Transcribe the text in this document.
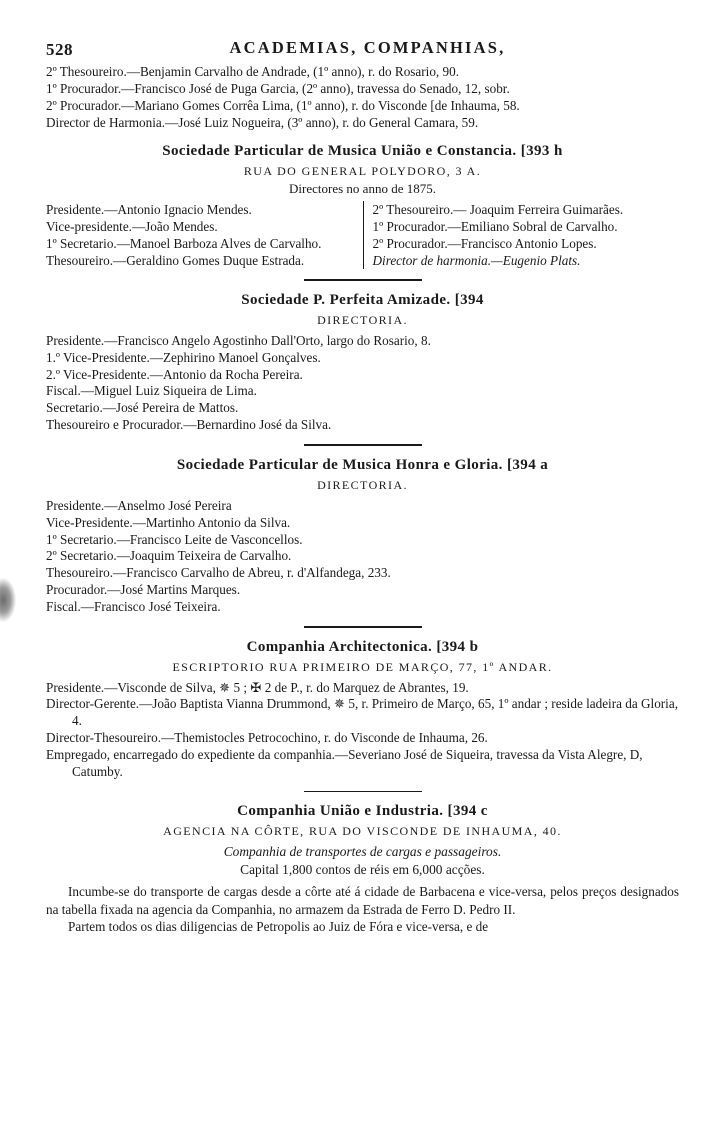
528	ACADEMIAS, COMPANHIAS,
2º Thesoureiro.—Benjamin Carvalho de Andrade, (1º anno), r. do Rosario, 90.
1º Procurador.—Francisco José de Puga Garcia, (2º anno), travessa do Senado, 12, sobr.
2º Procurador.—Mariano Gomes Corrêa Lima, (1º anno), r. do Visconde [de Inhauma, 58.
Director de Harmonia.—José Luiz Nogueira, (3º anno), r. do General Camara, 59.
Sociedade Particular de Musica União e Constancia. [393 h
RUA DO GENERAL POLYDORO, 3 A.
Directores no anno de 1875.
Presidente.—Antonio Ignacio Mendes.
Vice-presidente.—João Mendes.
1º Secretario.—Manoel Barboza Alves de Carvalho.
Thesoureiro.—Geraldino Gomes Duque Estrada.
2º Thesoureiro.— Joaquim Ferreira Guimarães.
1º Procurador.—Emiliano Sobral de Carvalho.
2º Procurador.—Francisco Antonio Lopes.
Director de harmonia.—Eugenio Plats.
Sociedade P. Perfeita Amizade. [394
DIRECTORIA.
Presidente.—Francisco Angelo Agostinho Dall'Orto, largo do Rosario, 8.
1.º Vice-Presidente.—Zephirino Manoel Gonçalves.
2.º Vice-Presidente.—Antonio da Rocha Pereira.
Fiscal.—Miguel Luiz Siqueira de Lima.
Secretario.—José Pereira de Mattos.
Thesoureiro e Procurador.—Bernardino José da Silva.
Sociedade Particular de Musica Honra e Gloria. [394 a
DIRECTORIA.
Presidente.—Anselmo José Pereira
Vice-Presidente.—Martinho Antonio da Silva.
1º Secretario.—Francisco Leite de Vasconcellos.
2º Secretario.—Joaquim Teixeira de Carvalho.
Thesoureiro.—Francisco Carvalho de Abreu, r. d'Alfandega, 233.
Procurador.—José Martins Marques.
Fiscal.—Francisco José Teixeira.
Companhia Architectonica. [394 b
ESCRIPTORIO RUA PRIMEIRO DE MARÇO, 77, 1º ANDAR.
Presidente.—Visconde de Silva, ✵ 5 ; ✠ 2 de P., r. do Marquez de Abrantes, 19.
Director-Gerente.—João Baptista Vianna Drummond, ✵ 5, r. Primeiro de Março, 65, 1º andar ; reside ladeira da Gloria, 4.
Director-Thesoureiro.—Themistocles Petrocochino, r. do Visconde de Inhauma, 26.
Empregado, encarregado do expediente da companhia.—Severiano José de Siqueira, travessa da Vista Alegre, D, Catumby.
Companhia União e Industria. [394 c
AGENCIA NA CÔRTE, RUA DO VISCONDE DE INHAUMA, 40.
Companhia de transportes de cargas e passageiros.
Capital 1,800 contos de réis em 6,000 acções.
Incumbe-se do transporte de cargas desde a côrte até á cidade de Barbacena e vice-versa, pelos preços designados na tabella fixada na agencia da Companhia, no armazem da Estrada de Ferro D. Pedro II.
Partem todos os dias diligencias de Petropolis ao Juiz de Fóra e vice-versa, e de
